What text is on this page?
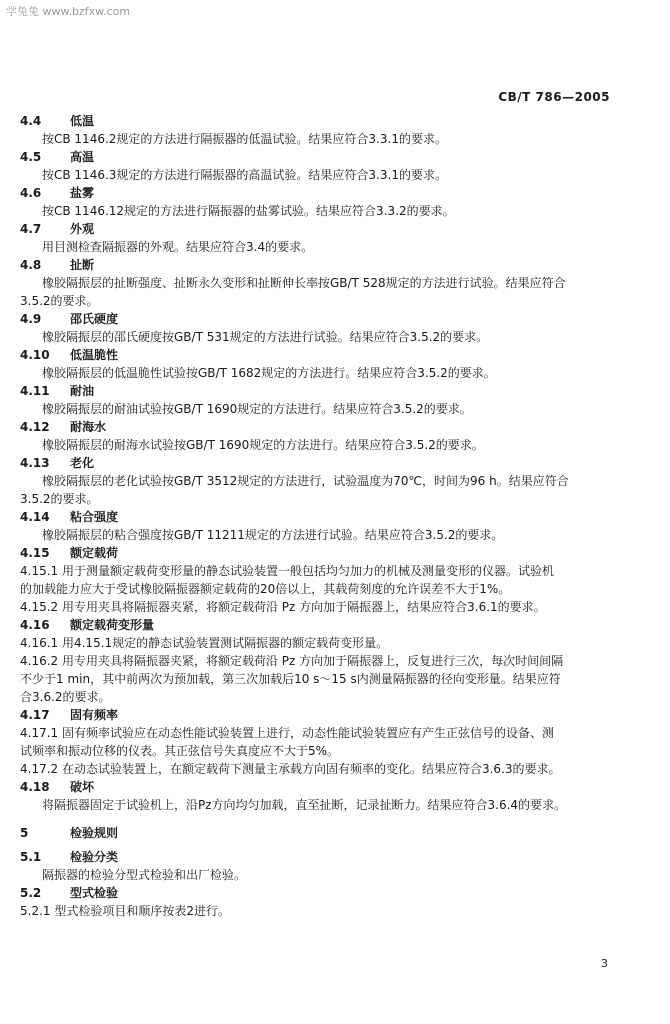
学兔兔 www.bzfxw.com
CB/T 786—2005
4.4 低温
按CB 1146.2规定的方法进行隔振器的低温试验。结果应符合3.3.1的要求。
4.5 高温
按CB 1146.3规定的方法进行隔振器的高温试验。结果应符合3.3.1的要求。
4.6 盐雾
按CB 1146.12规定的方法进行隔振器的盐雾试验。结果应符合3.3.2的要求。
4.7 外观
用目测检查隔振器的外观。结果应符合3.4的要求。
4.8 扯断
橡胶隔振层的扯断强度、扯断永久变形和扯断伸长率按GB/T 528规定的方法进行试验。结果应符合
3.5.2的要求。
4.9 邵氏硬度
橡胶隔振层的邵氏硬度按GB/T 531规定的方法进行试验。结果应符合3.5.2的要求。
4.10 低温脆性
橡胶隔振层的低温脆性试验按GB/T 1682规定的方法进行。结果应符合3.5.2的要求。
4.11 耐油
橡胶隔振层的耐油试验按GB/T 1690规定的方法进行。结果应符合3.5.2的要求。
4.12 耐海水
橡胶隔振层的耐海水试验按GB/T 1690规定的方法进行。结果应符合3.5.2的要求。
4.13 老化
橡胶隔振层的老化试验按GB/T 3512规定的方法进行，试验温度为70℃，时间为96 h。结果应符合
3.5.2的要求。
4.14 粘合强度
橡胶隔振层的粘合强度按GB/T 11211规定的方法进行试验。结果应符合3.5.2的要求。
4.15 额定载荷
4.15.1 用于测量额定载荷变形量的静态试验装置一般包括均匀加力的机械及测量变形的仪器。试验机
的加载能力应大于受试橡胶隔振器额定载荷的20倍以上，其载荷刻度的允许误差不大于1%。
4.15.2 用专用夹具将隔振器夹紧，将额定载荷沿 Pz 方向加于隔振器上，结果应符合3.6.1的要求。
4.16 额定载荷变形量
4.16.1 用4.15.1规定的静态试验装置测试隔振器的额定载荷变形量。
4.16.2 用专用夹具将隔振器夹紧，将额定载荷沿 Pz 方向加于隔振器上，反复进行三次，每次时间间隔
不少于1 min，其中前两次为预加载，第三次加载后10 s～15 s内测量隔振器的径向变形量。结果应符
合3.6.2的要求。
4.17 固有频率
4.17.1 固有频率试验应在动态性能试验装置上进行，动态性能试验装置应有产生正弦信号的设备、测
试频率和振动位移的仪表。其正弦信号失真度应不大于5%。
4.17.2 在动态试验装置上，在额定载荷下测量主承载方向固有频率的变化。结果应符合3.6.3的要求。
4.18 破坏
将隔振器固定于试验机上，沿Pz方向均匀加载，直至扯断，记录扯断力。结果应符合3.6.4的要求。
5	检验规则
5.1 检验分类
隔振器的检验分型式检验和出厂检验。
5.2 型式检验
5.2.1 型式检验项目和顺序按表2进行。
3
